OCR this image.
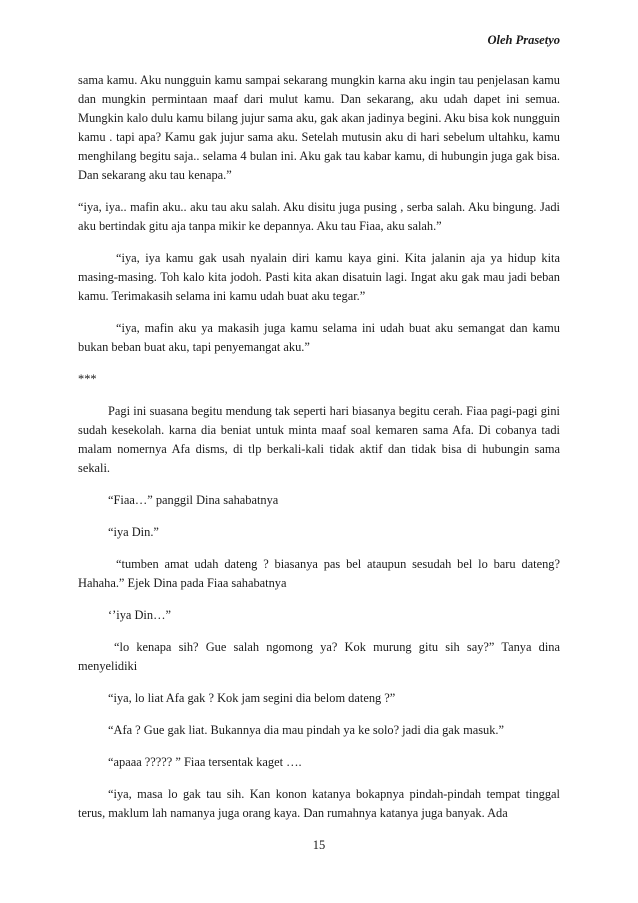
Oleh Prasetyo

sama kamu. Aku nungguin kamu sampai sekarang mungkin karna aku ingin tau penjelasan kamu dan mungkin permintaan maaf dari mulut kamu. Dan sekarang, aku udah dapet ini semua. Mungkin kalo dulu kamu bilang jujur sama aku, gak akan jadinya begini. Aku bisa kok nungguin kamu . tapi apa? Kamu gak jujur sama aku. Setelah mutusin aku di hari sebelum ultahku, kamu menghilang begitu saja.. selama 4 bulan ini. Aku gak tau kabar kamu, di hubungin juga gak bisa. Dan sekarang aku tau kenapa.”

“iya, iya.. mafin aku.. aku tau aku salah. Aku disitu juga pusing , serba salah. Aku bingung. Jadi aku bertindak gitu aja tanpa mikir ke depannya. Aku tau Fiaa, aku salah.”

“iya, iya kamu gak usah nyalain diri kamu kaya gini. Kita jalanin aja ya hidup kita masing-masing. Toh kalo kita jodoh. Pasti kita akan disatuin lagi. Ingat aku gak mau jadi beban kamu. Terimakasih selama ini kamu udah buat aku tegar.”

“iya, mafin aku ya makasih juga kamu selama ini udah buat aku semangat dan kamu bukan beban buat aku, tapi penyemangat aku.”

***

Pagi ini suasana begitu mendung tak seperti hari biasanya begitu cerah. Fiaa pagi-pagi gini sudah kesekolah. karna dia beniat untuk minta maaf soal kemaren sama Afa. Di cobanya tadi malam nomernya Afa disms, di tlp berkali-kali tidak aktif dan tidak bisa di hubungin sama sekali.

“Fiaa…” panggil Dina sahabatnya

“iya Din.”

“tumben amat udah dateng ? biasanya pas bel ataupun sesudah bel lo baru dateng? Hahaha.” Ejek Dina pada Fiaa sahabatnya

‘’iya Din…”

“lo kenapa sih? Gue salah ngomong ya? Kok murung gitu sih say?” Tanya dina menyelidiki

“iya, lo liat Afa gak ? Kok jam segini dia belom dateng ?”

“Afa ? Gue gak liat. Bukannya dia mau pindah ya ke solo? jadi dia gak masuk.”

“apaaa ????? ” Fiaa tersentak kaget ….

“iya, masa lo gak tau sih. Kan konon katanya bokapnya pindah-pindah tempat tinggal terus, maklum lah namanya juga orang kaya. Dan rumahnya katanya juga banyak. Ada

15
